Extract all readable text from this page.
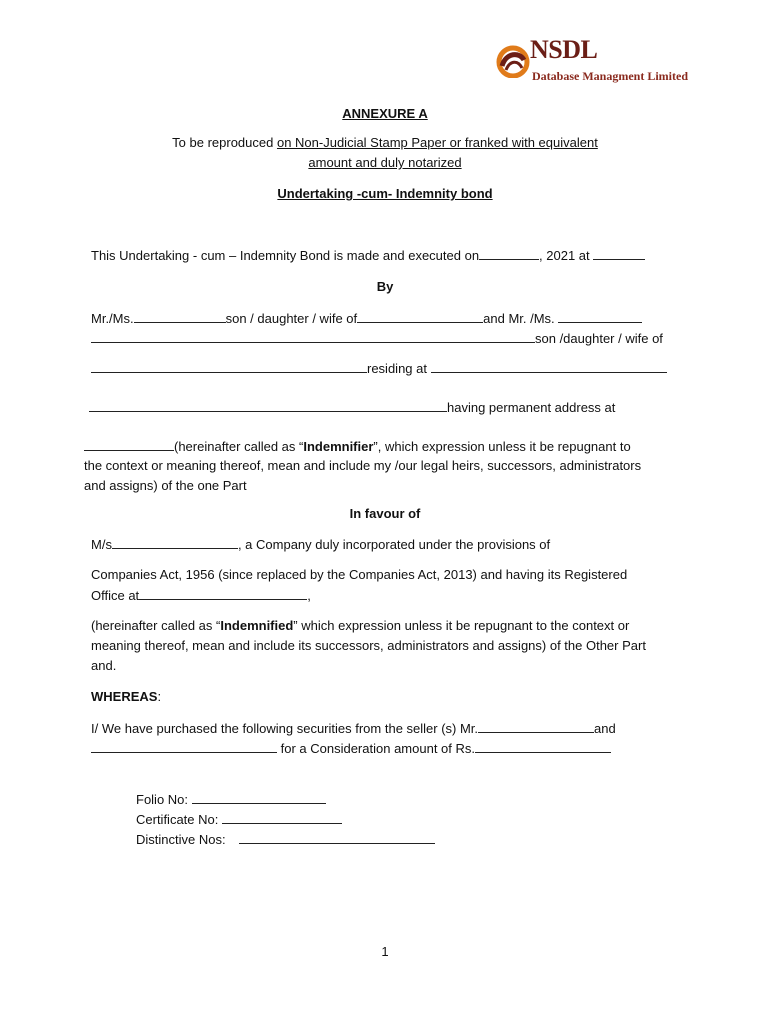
NSDL
Database Managment Limited
ANNEXURE A
To be reproduced on Non-Judicial Stamp Paper or franked with equivalent
amount and duly notarized
Undertaking -cum- Indemnity bond
This Undertaking - cum – Indemnity Bond is made and executed on	, 2021 at
By
Mr./Ms.	son / daughter / wife of	and Mr. /Ms.
son /daughter / wife of
residing at
having permanent address at
(hereinafter called as “Indemnifier”, which expression unless it be repugnant to
the context or meaning thereof, mean and include my /our legal heirs, successors, administrators
and assigns) of the one Part
In favour of
M/s	, a Company duly incorporated under the provisions of
Companies Act, 1956 (since replaced by the Companies Act, 2013) and having its Registered
Office at	,
(hereinafter called as “Indemnified” which expression unless it be repugnant to the context or
meaning thereof, mean and include its successors, administrators and assigns) of the Other Part
and.
WHEREAS:
I/ We have purchased the following securities from the seller (s) Mr.	and
for a Consideration amount of Rs.
Folio No:
Certificate No:
Distinctive Nos:
1
